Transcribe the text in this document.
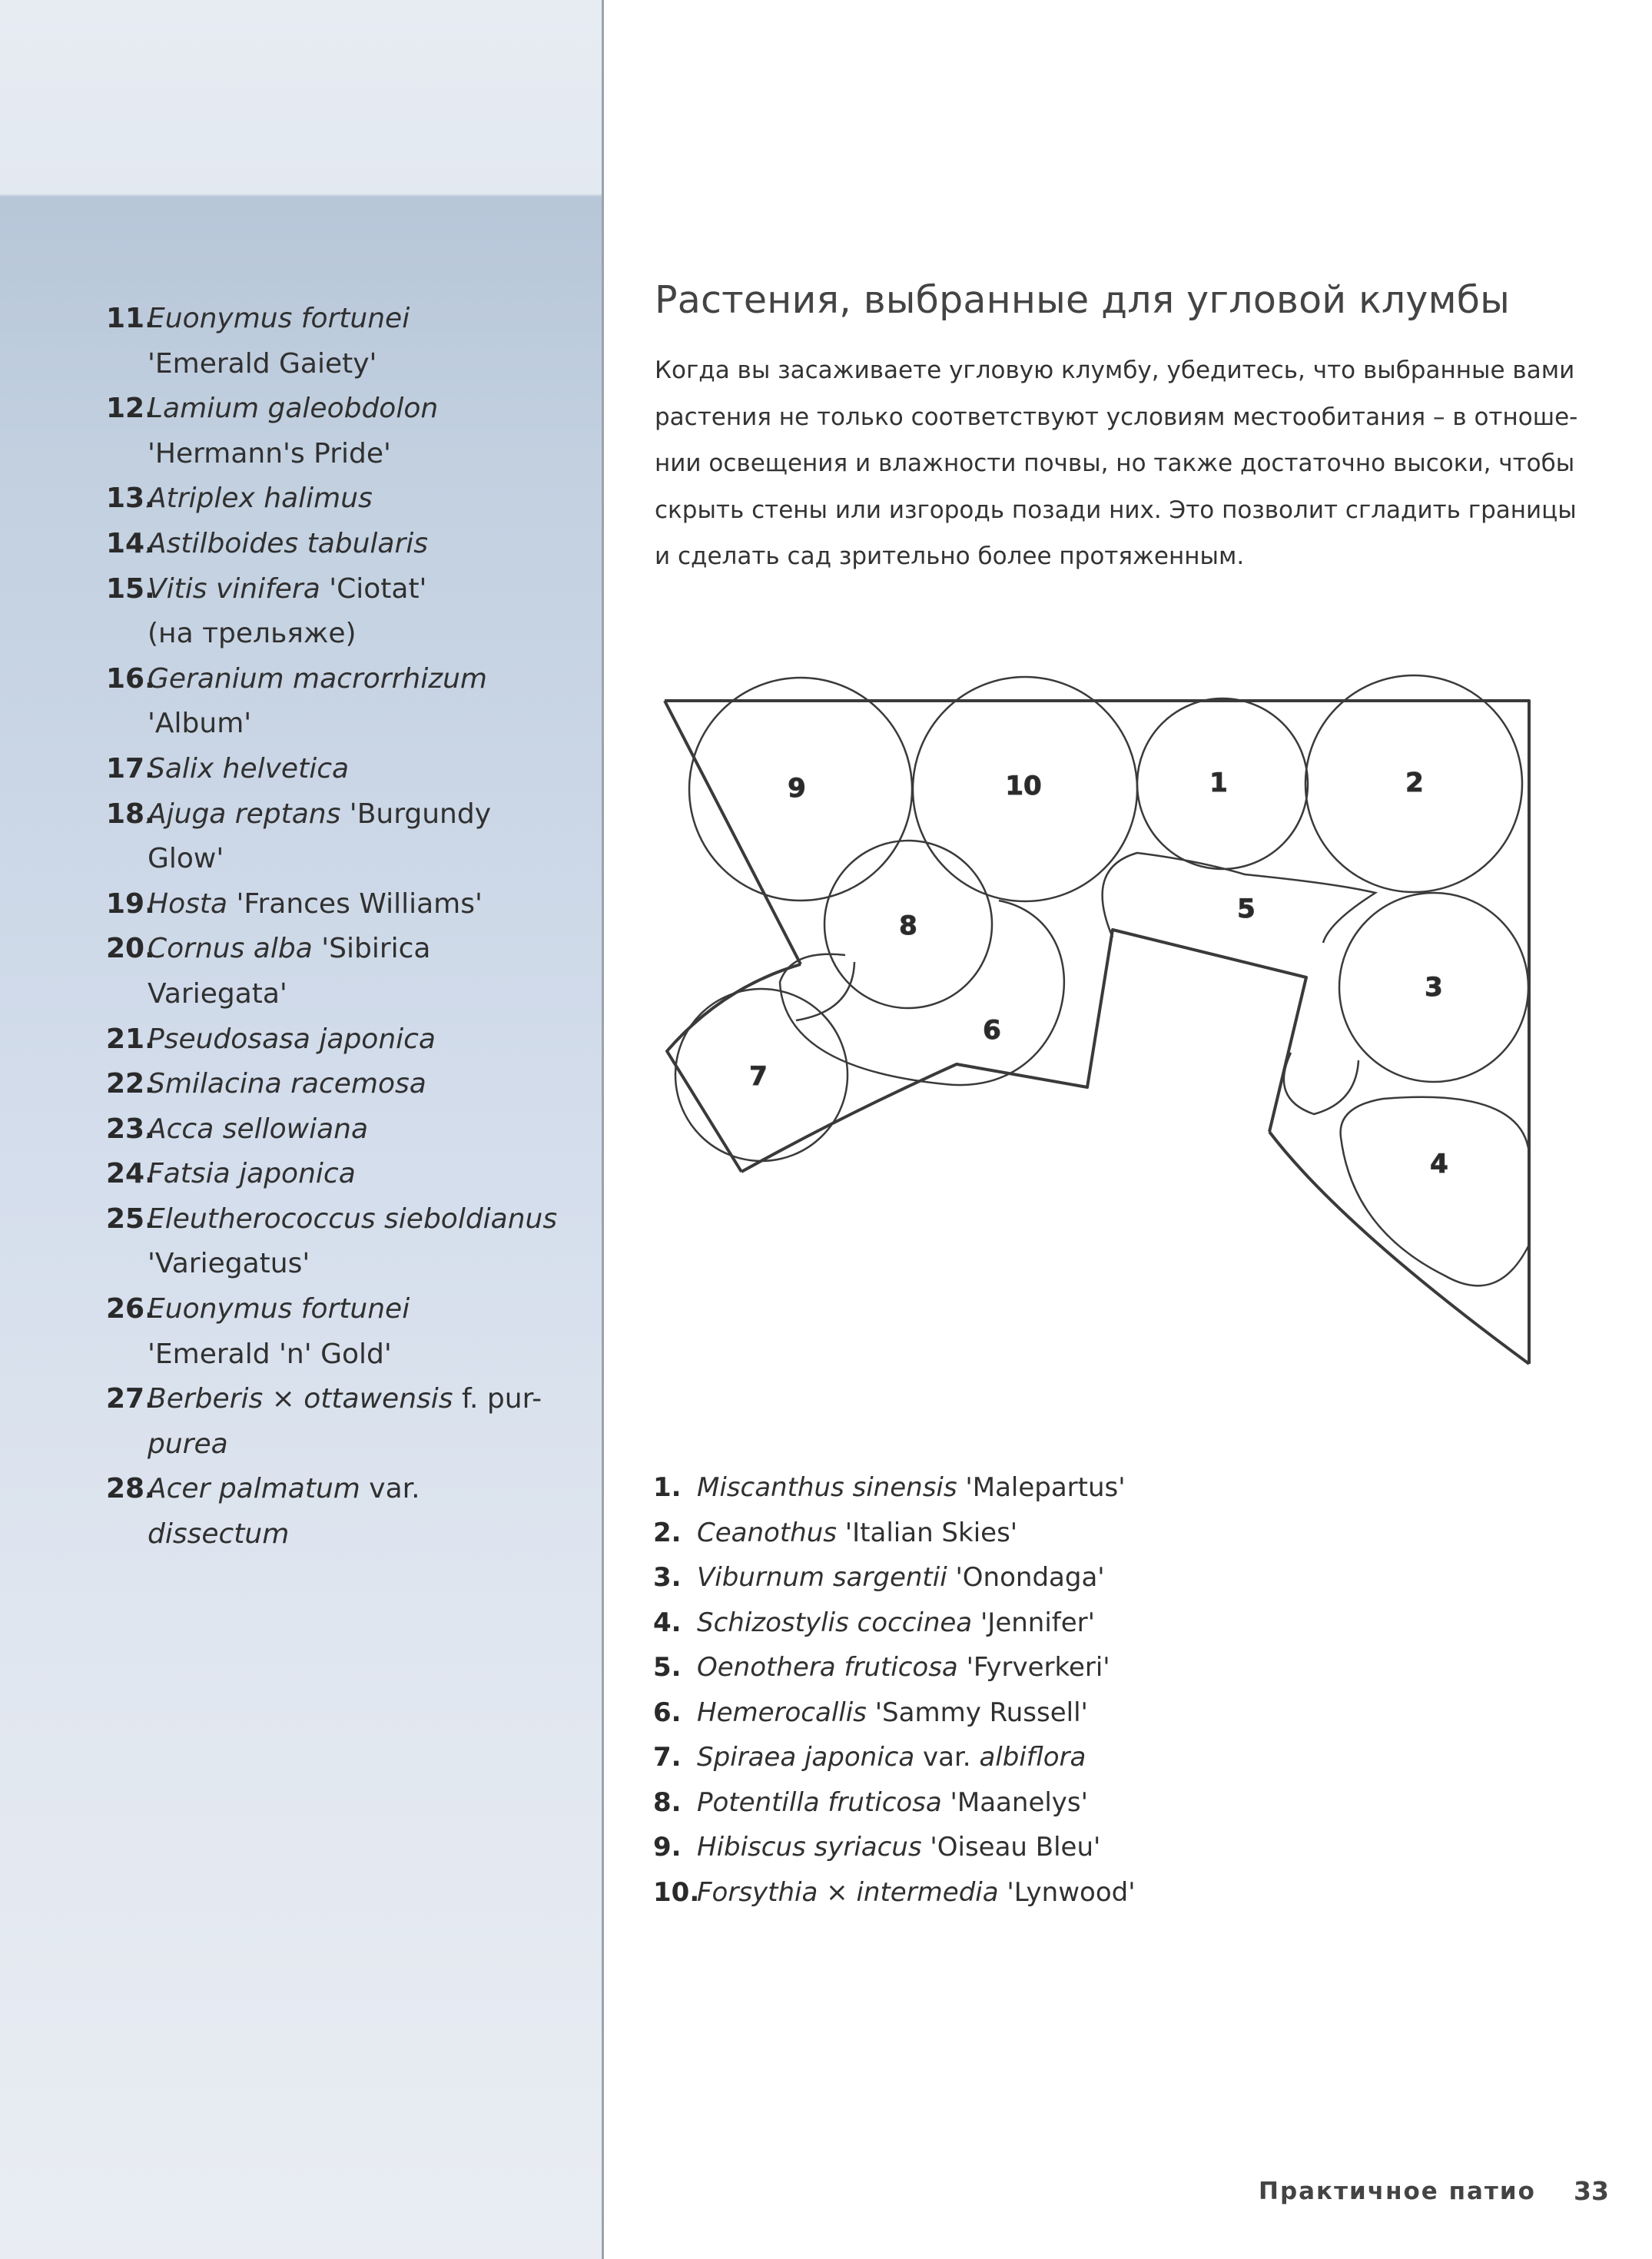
11.
Euonymus fortunei
'Emerald Gaiety'
12.
Lamium galeobdolon
'Hermann's Pride'
13.
Atriplex halimus
14.
Astilboides tabularis
15.
Vitis vinifera 'Ciotat'
(на трельяже)
16.
Geranium macrorrhizum
'Album'
17.
Salix helvetica
18.
Ajuga reptans 'Burgundy Glow'
19.
Hosta 'Frances Williams'
20.
Cornus alba 'Sibirica Variegata'
21.
Pseudosasa japonica
22.
Smilacina racemosa
23.
Acca sellowiana
24.
Fatsia japonica
25.
Eleutherococcus sieboldianus
'Variegatus'
26.
Euonymus fortunei
'Emerald 'n' Gold'
27.
Berberis × ottawensis f. pur-
purea
28.
Acer palmatum var. dissectum
Растения, выбранные для угловой клумбы

Когда вы засаживаете угловую клумбу, убедитесь, что выбранные вами
растения не только соответствуют условиям местообитания – в отноше-
нии освещения и влажности почвы, но также достаточно высоки, чтобы
скрыть стены или изгородь позади них. Это позволит сгладить границы
и сделать сад зрительно более протяженным.

1	2
3
4
5
6
7
8
9	10
1. Miscanthus sinensis 'Malepartus'
2. Ceanothus 'Italian Skies'
3. Viburnum sargentii 'Onondaga'
4. Schizostylis coccinea 'Jennifer'
5. Oenothera fruticosa 'Fyrverkeri'
6. Hemerocallis 'Sammy Russell'
7. Spiraea japonica var. albiflora
8. Potentilla fruticosa 'Maanelys'
9. Hibiscus syriacus 'Oiseau Bleu'
10.
Forsythia × intermedia 'Lynwood'
Практичное патио 33
